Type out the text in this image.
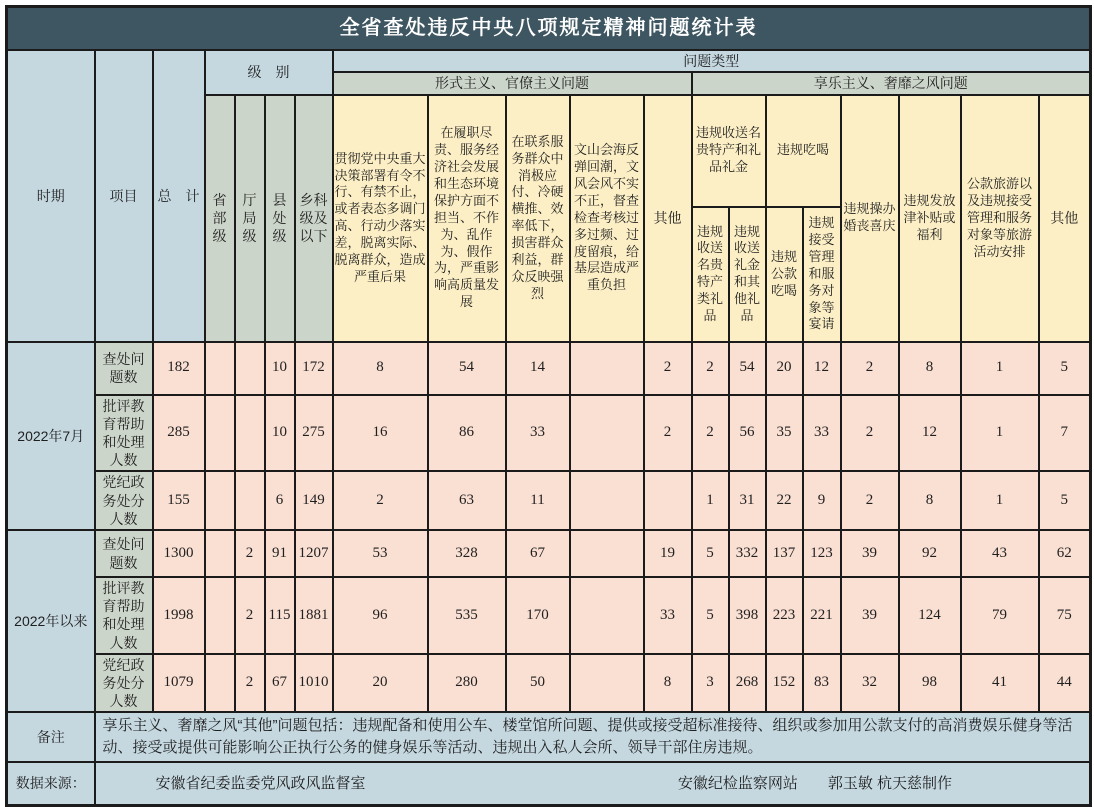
全省查处违反中央八项规定精神问题统计表																			
时期	项目	总　计	级　别				问题类型												
							形式主义、官僚主义问题					享乐主义、奢靡之风问题							
			省部级	厅局级	县处级	乡科级及以下	贯彻党中央重大决策部署有令不行、有禁不止，或者表态多调门高、行动少落实差，脱离实际、脱离群众，造成严重后果	在履职尽责、服务经济社会发展和生态环境保护方面不担当、不作为、乱作为、假作为，严重影响高质量发展	在联系服务群众中消极应付、冷硬横推、效率低下，损害群众利益，群众反映强烈	文山会海反弹回潮，文风会风不实不正，督查检查考核过多过频、过度留痕，给基层造成严重负担	其他	违规收送名贵特产和礼品礼金		违规吃喝		违规操办婚丧喜庆	违规发放津补贴或福利	公款旅游以及违规接受管理和服务对象等旅游活动安排	其他
												违规收送名贵特产类礼品	违规收送礼金和其他礼品	违规公款吃喝	违规接受管理和服务对象等宴请				
2022年7月	查处问题数	182			10	172	8	54	14		2	2	54	20	12	2	8	1	5
	批评教育帮助和处理人数	285			10	275	16	86	33		2	2	56	35	33	2	12	1	7
	党纪政务处分人数	155			6	149	2	63	11			1	31	22	9	2	8	1	5
2022年以来	查处问题数	1300		2	91	1207	53	328	67		19	5	332	137	123	39	92	43	62
	批评教育帮助和处理人数	1998		2	115	1881	96	535	170		33	5	398	223	221	39	124	79	75
	党纪政务处分人数	1079		2	67	1010	20	280	50		8	3	268	152	83	32	98	41	44
备注	享乐主义、奢靡之风“其他”问题包括：违规配备和使用公车、楼堂馆所问题、提供或接受超标准接待、组织或参加用公款支付的高消费娱乐健身等活动、接受或提供可能影响公正执行公务的健身娱乐等活动、违规出入私人会所、领导干部住房违规。																		
数据来源：	安徽省纪委监委党风政风监督室 安徽纪检监察网站　　郭玉敏 杭天慈制作																		
